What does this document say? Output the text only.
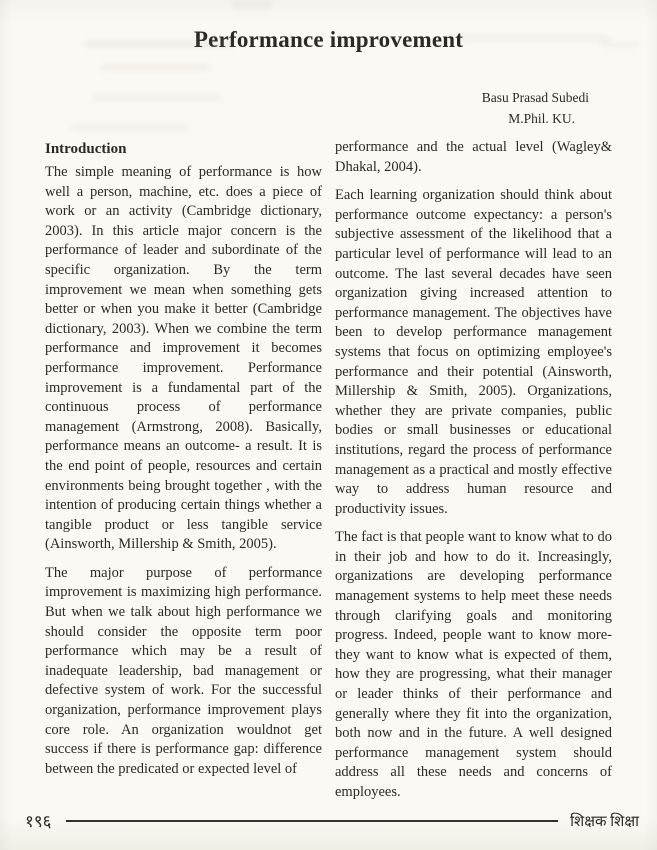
Performance improvement
Basu Prasad Subedi
M.Phil. KU.
Introduction

The simple meaning of performance is how well a person, machine, etc. does a piece of work or an activity (Cambridge dictionary, 2003). In this article major concern is the performance of leader and subordinate of the specific organization. By the term improvement we mean when something gets better or when you make it better (Cambridge dictionary, 2003). When we combine the term performance and improvement it becomes performance improvement. Performance improvement is a fundamental part of the continuous process of performance management (Armstrong, 2008). Basically, performance means an outcome- a result. It is the end point of people, resources and certain environments being brought together , with the intention of producing certain things whether a tangible product or less tangible service (Ainsworth, Millership & Smith, 2005).

The major purpose of performance improvement is maximizing high performance. But when we talk about high performance we should consider the opposite term poor performance which may be a result of inadequate leadership, bad management or defective system of work. For the successful organization, performance improvement plays core role. An organization wouldnot get success if there is performance gap: difference between the predicated or expected level of

performance and the actual level (Wagley& Dhakal, 2004).

Each learning organization should think about performance outcome expectancy: a person's subjective assessment of the likelihood that a particular level of performance will lead to an outcome. The last several decades have seen organization giving increased attention to performance management. The objectives have been to develop performance management systems that focus on optimizing employee's performance and their potential (Ainsworth, Millership & Smith, 2005). Organizations, whether they are private companies, public bodies or small businesses or educational institutions, regard the process of performance management as a practical and mostly effective way to address human resource and productivity issues.

The fact is that people want to know what to do in their job and how to do it. Increasingly, organizations are developing performance management systems to help meet these needs through clarifying goals and monitoring progress. Indeed, people want to know more- they want to know what is expected of them, how they are progressing, what their manager or leader thinks of their performance and generally where they fit into the organization, both now and in the future. A well designed performance management system should address all these needs and concerns of employees.

१९६	शिक्षक शिक्षा
